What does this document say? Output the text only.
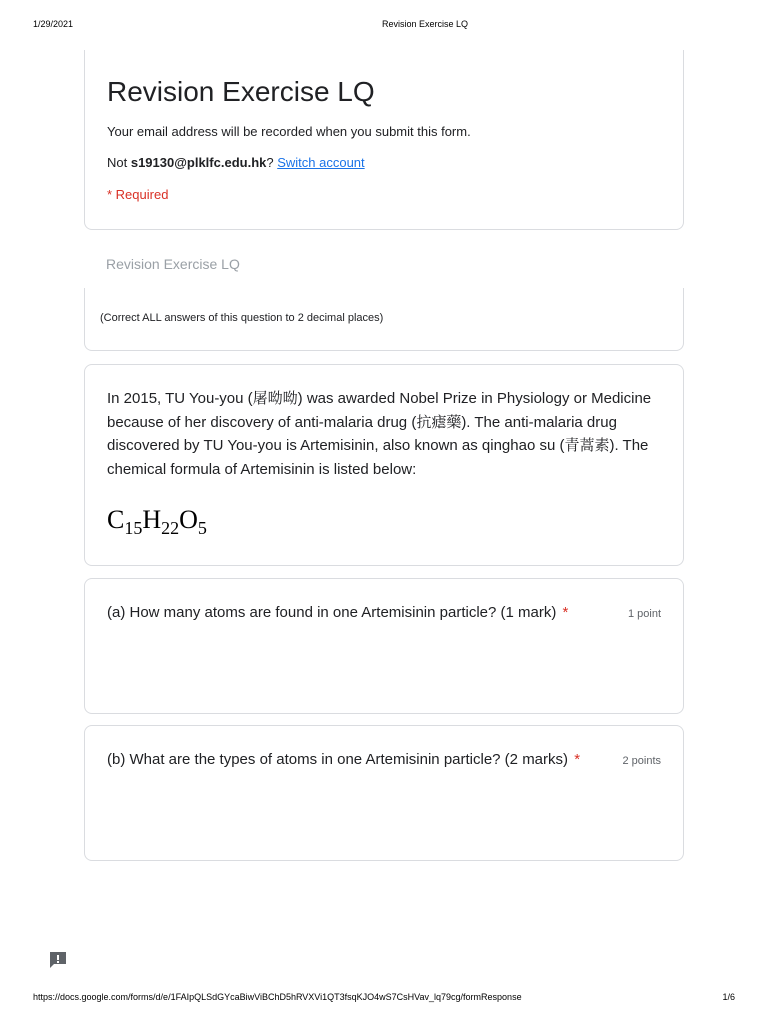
1/29/2021	Revision Exercise LQ
Revision Exercise LQ
Your email address will be recorded when you submit this form.
Not s19130@plklfc.edu.hk? Switch account
* Required
Revision Exercise LQ
(Correct ALL answers of this question to 2 decimal places)
In 2015, TU You-you (屠呦呦) was awarded Nobel Prize in Physiology or Medicine because of her discovery of anti-malaria drug (抗瘧藥). The anti-malaria drug discovered by TU You-you is Artemisinin, also known as qinghao su (青蒿素). The chemical formula of Artemisinin is listed below:
$C_{15}H_{22}O_5$
(a) How many atoms are found in one Artemisinin particle? (1 mark) *	1 point
(b) What are the types of atoms in one Artemisinin particle? (2 marks) *	2 points
https://docs.google.com/forms/d/e/1FAIpQLSdGYcaBiwViBChD5hRVXVi1QT3fsqKJO4wS7CsHVav_lq79cg/formResponse	1/6
